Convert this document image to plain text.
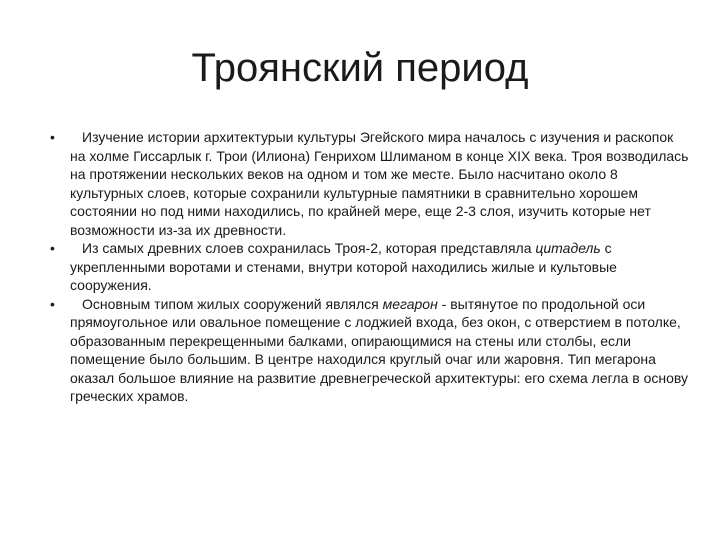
Троянский период
•	Изучение истории архитектурыи культуры Эгейского мира началось с изучения и раскопок на холме Гиссарлык г. Трои (Илиона) Генрихом Шлиманом в конце XIX века. Троя возводилась на протяжении нескольких веков на одном и том же месте. Было насчитано около 8 культурных слоев, которые сохранили культурные памятники в сравнительно хорошем состоянии но под ними находились, по крайней мере, еще 2-3 слоя, изучить которые нет возможности из-за их древности.
•	Из самых древних слоев сохранилась Троя-2, которая представляла цитадель с укрепленными воротами и стенами, внутри которой находились жилые и культовые сооружения.
•	Основным типом жилых сооружений являлся мегарон - вытянутое по продольной оси прямоугольное или овальное помещение с лоджией входа, без окон, с отверстием в потолке, образованным перекрещенными балками, опирающимися на стены или столбы, если помещение было большим. В центре находился круглый очаг или жаровня. Тип мегарона оказал большое влияние на развитие древнегреческой архитектуры: его схема легла в основу греческих храмов.
